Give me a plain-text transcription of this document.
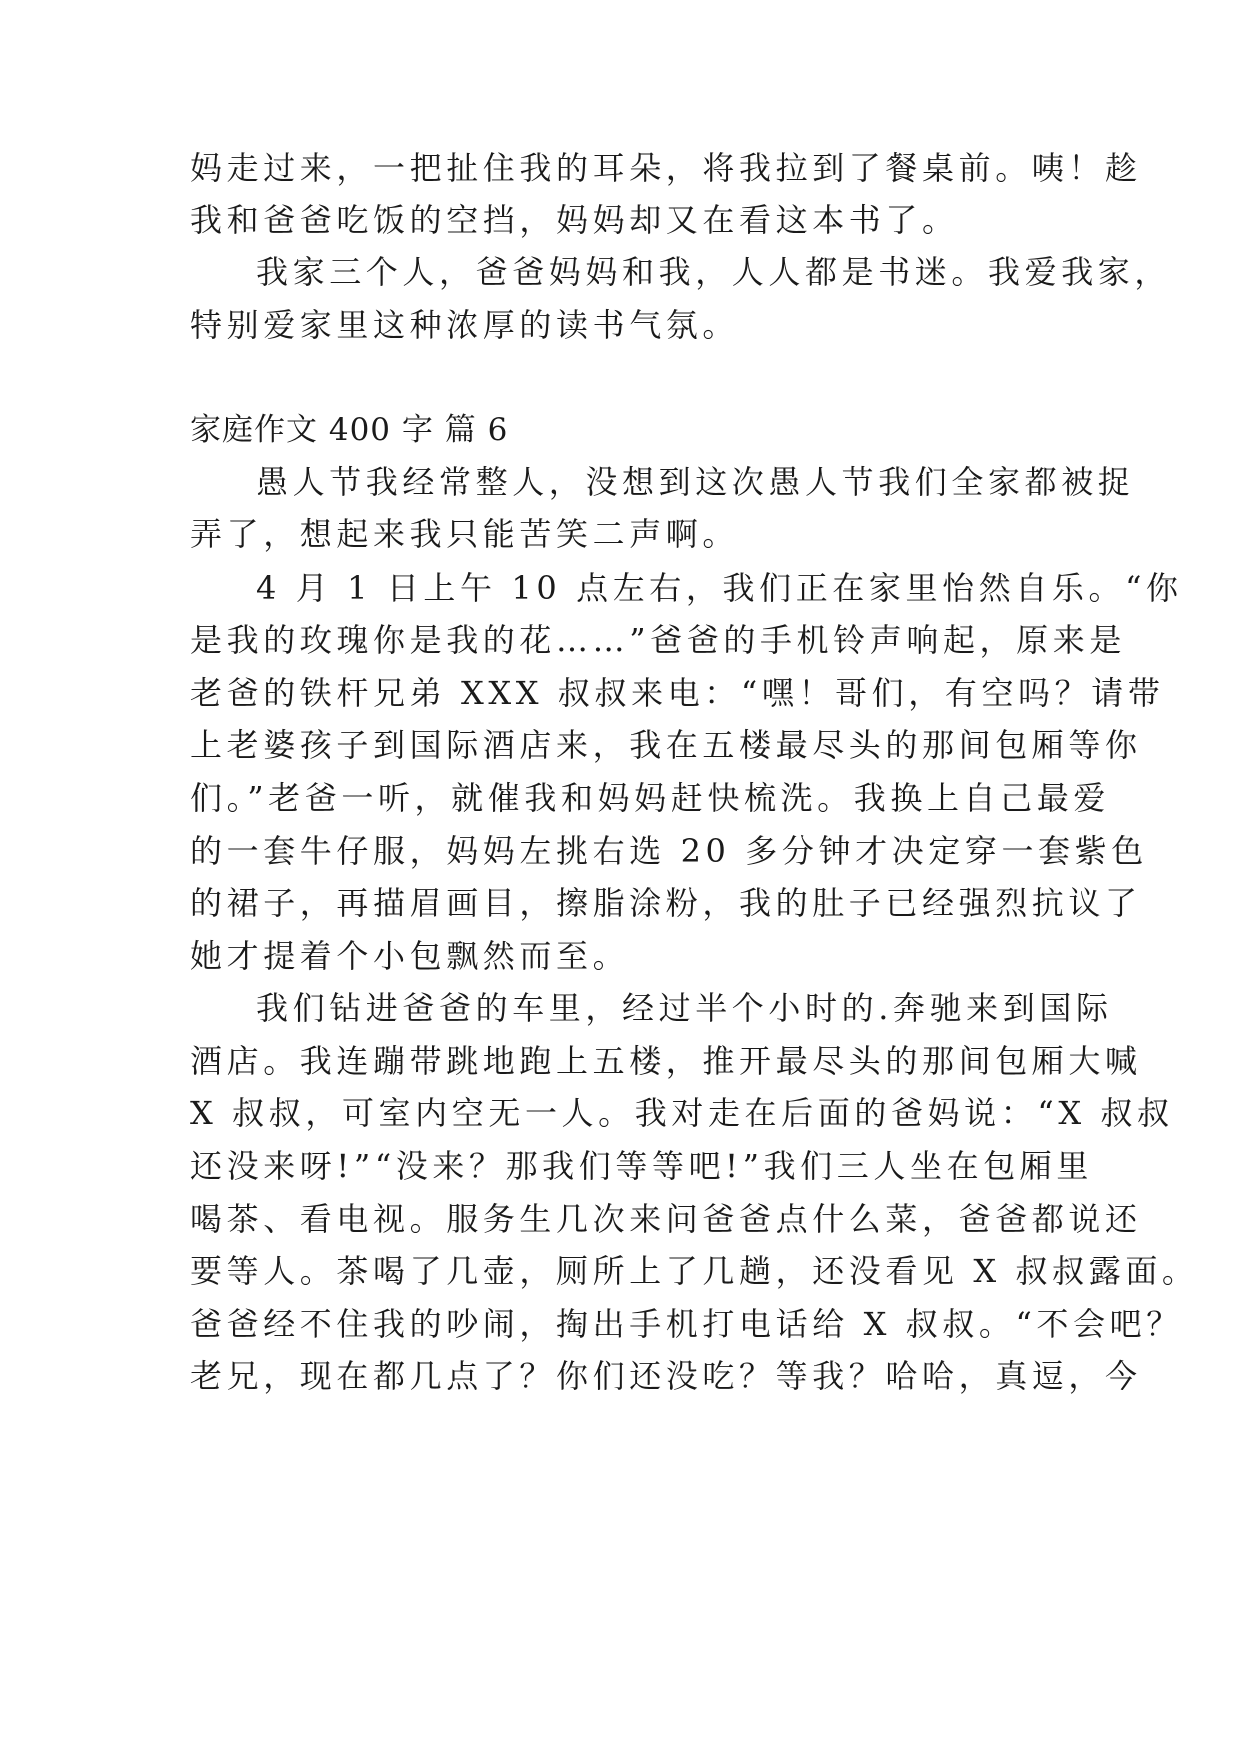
妈走过来，一把扯住我的耳朵，将我拉到了餐桌前。咦！趁
我和爸爸吃饭的空挡，妈妈却又在看这本书了。
我家三个人，爸爸妈妈和我，人人都是书迷。我爱我家，
特别爱家里这种浓厚的读书气氛。
家庭作文 400 字 篇 6
愚人节我经常整人，没想到这次愚人节我们全家都被捉
弄了，想起来我只能苦笑二声啊。
4 月 1 日上午 10 点左右，我们正在家里怡然自乐。“你
是我的玫瑰你是我的花……”爸爸的手机铃声响起，原来是
老爸的铁杆兄弟 XXX 叔叔来电：“嘿！哥们，有空吗？请带
上老婆孩子到国际酒店来，我在五楼最尽头的那间包厢等你
们。”老爸一听，就催我和妈妈赶快梳洗。我换上自己最爱
的一套牛仔服，妈妈左挑右选 20 多分钟才决定穿一套紫色
的裙子，再描眉画目，擦脂涂粉，我的肚子已经强烈抗议了
她才提着个小包飘然而至。
我们钻进爸爸的车里，经过半个小时的.奔驰来到国际
酒店。我连蹦带跳地跑上五楼，推开最尽头的那间包厢大喊
X 叔叔，可室内空无一人。我对走在后面的爸妈说：“X 叔叔
还没来呀!”“没来？那我们等等吧!”我们三人坐在包厢里
喝茶、看电视。服务生几次来问爸爸点什么菜，爸爸都说还
要等人。茶喝了几壶，厕所上了几趟，还没看见 X 叔叔露面。
爸爸经不住我的吵闹，掏出手机打电话给 X 叔叔。“不会吧？
老兄，现在都几点了？你们还没吃？等我？哈哈，真逗，今
